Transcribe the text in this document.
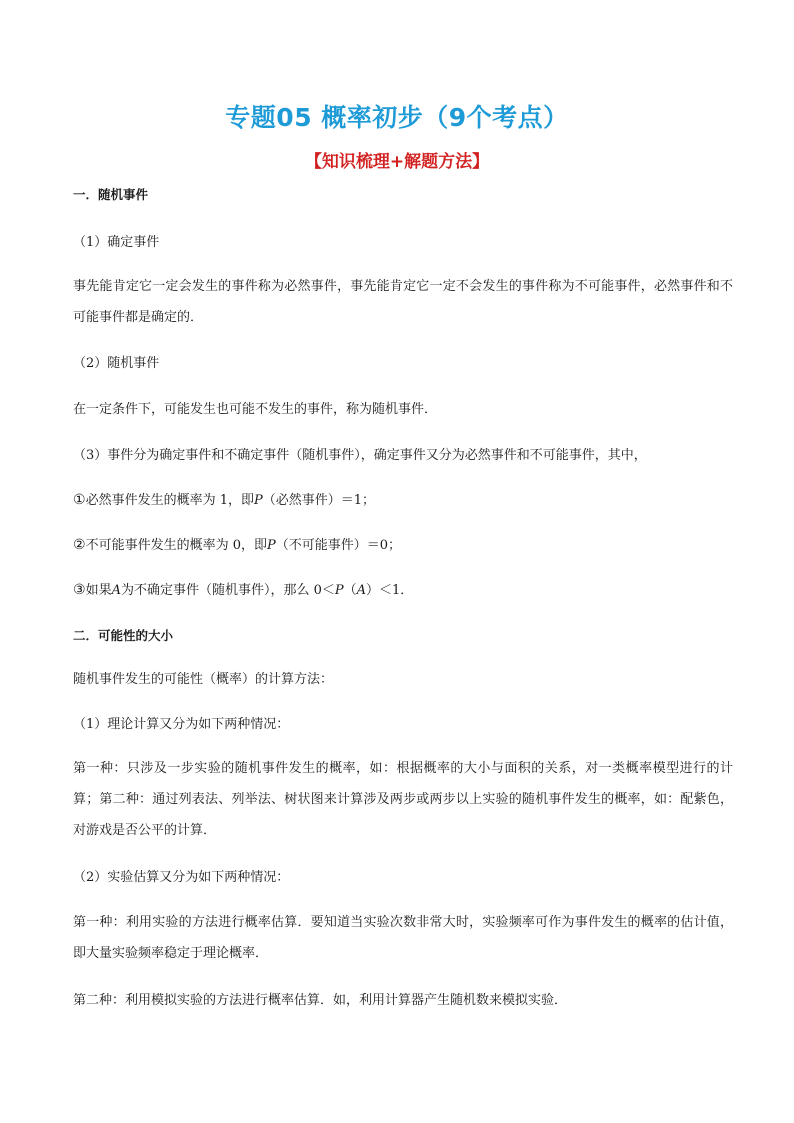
专题05 概率初步（9个考点）
【知识梳理+解题方法】

一．随机事件

（1）确定事件

事先能肯定它一定会发生的事件称为必然事件，事先能肯定它一定不会发生的事件称为不可能事件，必然事件和不可能事件都是确定的．

（2）随机事件

在一定条件下，可能发生也可能不发生的事件，称为随机事件．

（3）事件分为确定事件和不确定事件（随机事件），确定事件又分为必然事件和不可能事件，其中，

①必然事件发生的概率为 1，即P（必然事件）＝1；

②不可能事件发生的概率为 0，即P（不可能事件）＝0；

③如果A为不确定事件（随机事件），那么 0＜P（A）＜1．

二．可能性的大小

随机事件发生的可能性（概率）的计算方法：

（1）理论计算又分为如下两种情况：

第一种：只涉及一步实验的随机事件发生的概率，如：根据概率的大小与面积的关系，对一类概率模型进行的计算；第二种：通过列表法、列举法、树状图来计算涉及两步或两步以上实验的随机事件发生的概率，如：配紫色，对游戏是否公平的计算．

（2）实验估算又分为如下两种情况：

第一种：利用实验的方法进行概率估算．要知道当实验次数非常大时，实验频率可作为事件发生的概率的估计值，即大量实验频率稳定于理论概率．

第二种：利用模拟实验的方法进行概率估算．如，利用计算器产生随机数来模拟实验．
